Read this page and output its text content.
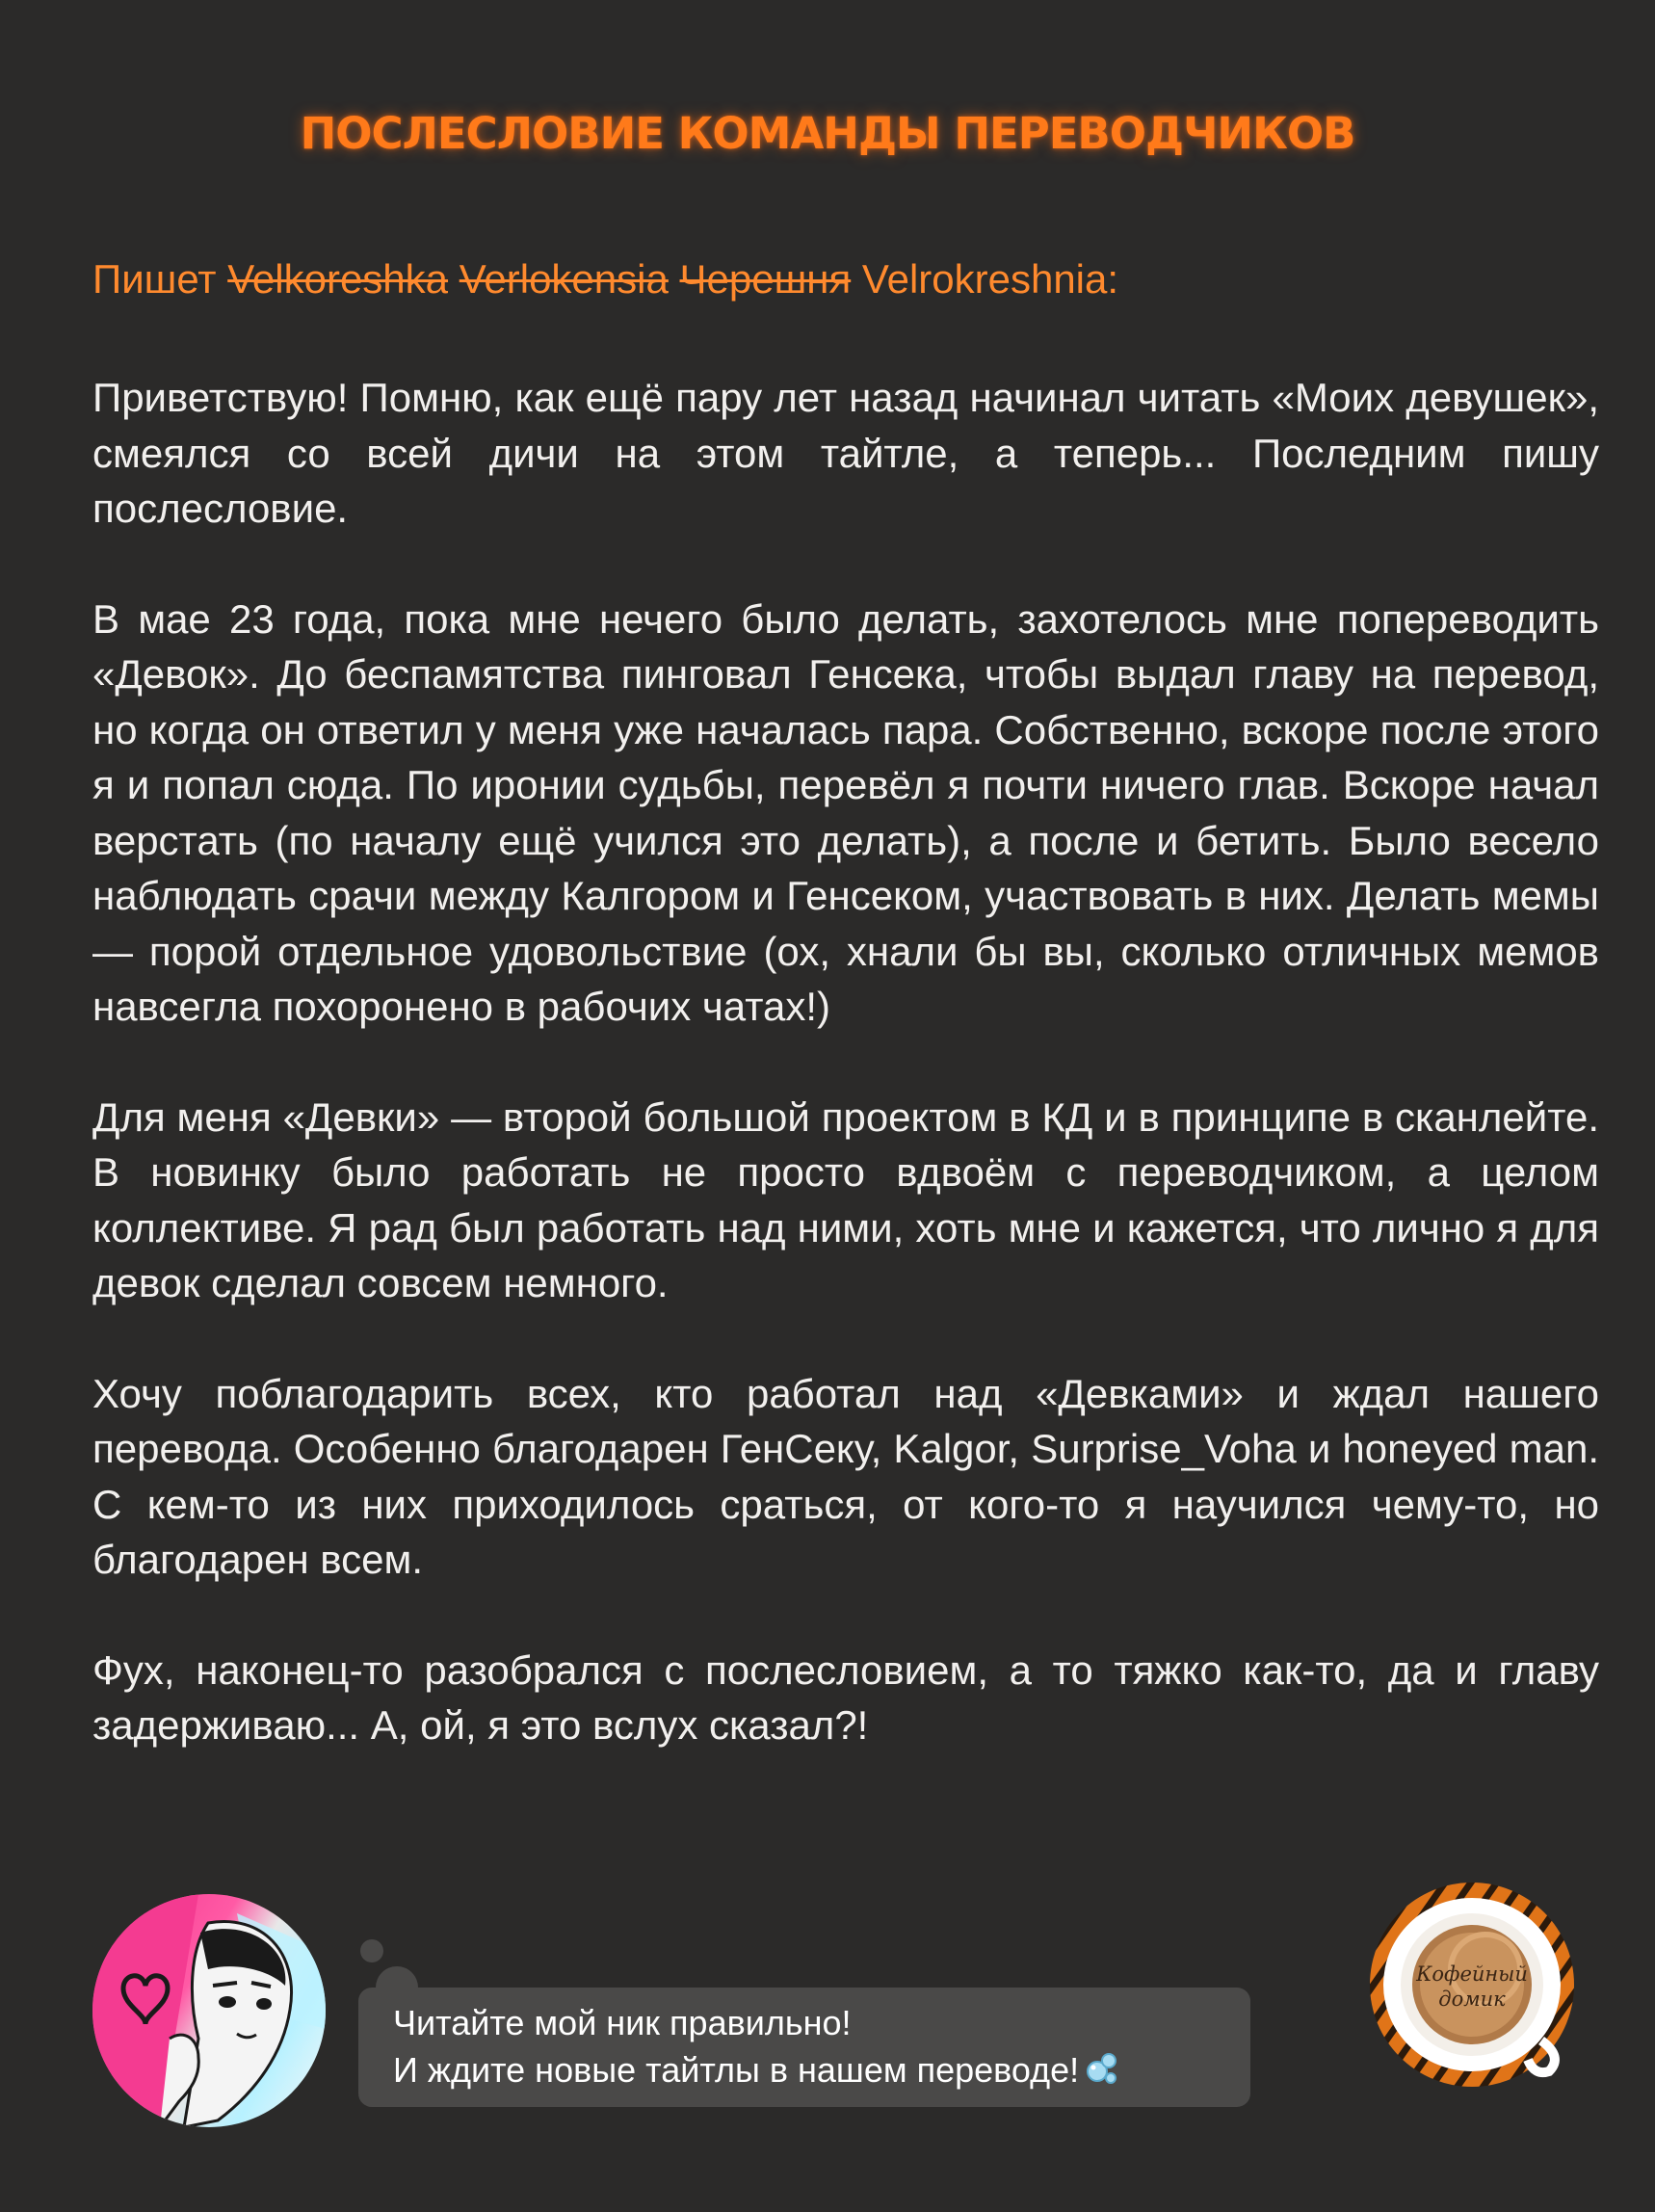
ПОСЛЕСЛОВИЕ КОМАНДЫ ПЕРЕВОДЧИКОВ
Пишет Velkoreshka Verlokensia Черешня Velrokreshnia:

Приветствую! Помню, как ещё пару лет назад начинал читать «Моих девушек», смеялся со всей дичи на этом тайтле, а теперь... Последним пишу послесловие.

В мае 23 года, пока мне нечего было делать, захотелось мне попереводить «Девок». До беспамятства пинговал Генсека, чтобы выдал главу на перевод, но когда он ответил у меня уже началась пара. Собственно, вскоре после этого я и попал сюда. По иронии судьбы, перевёл я почти ничего глав. Вскоре начал верстать (по началу ещё учился это делать), а после и бетить. Было весело наблюдать срачи между Калгором и Генсеком, участвовать в них. Делать мемы — порой отдельное удовольствие (ох, хнали бы вы, сколько отличных мемов навсегла похоронено в рабочих чатах!)

Для меня «Девки» — второй большой проектом в КД и в принципе в сканлейте. В новинку было работать не просто вдвоём с переводчиком, а целом коллективе. Я рад был работать над ними, хоть мне и кажется, что лично я для девок сделал совсем немного.

Хочу поблагодарить всех, кто работал над «Девками» и ждал нашего перевода. Особенно благодарен ГенСеку, Kalgor, Surprise_Voha и honeyed man. С кем-то из них приходилось сраться, от кого-то я научился чему-то, но благодарен всем.

Фух, наконец-то разобрался с послесловием, а то тяжко как-то, да и главу задерживаю... А, ой, я это вслух сказал?!

Читайте мой ник правильно!
И ждите новые тайтлы в нашем переводе!
Кофейный
домик
